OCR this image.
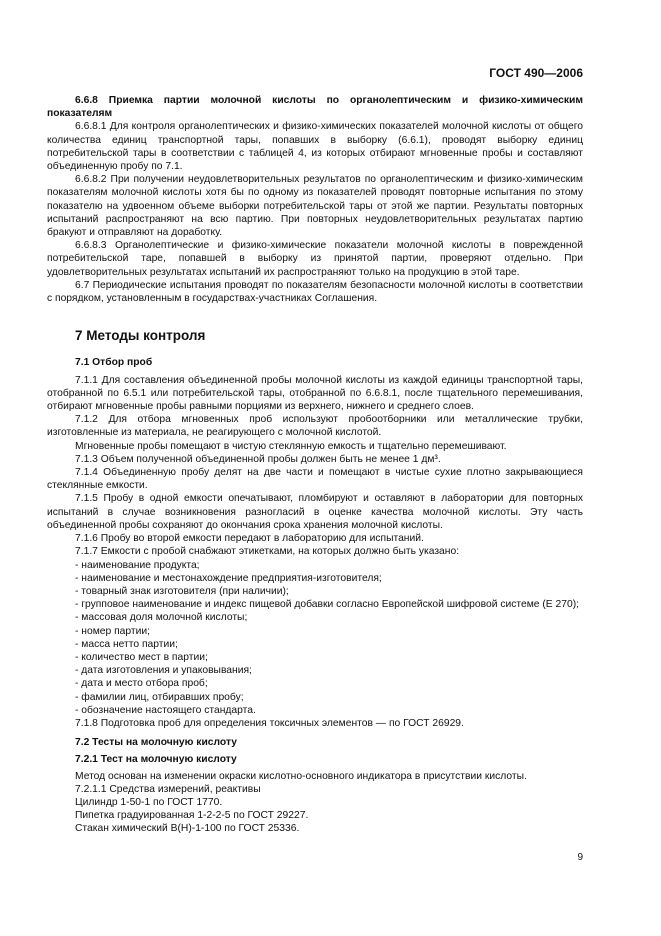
ГОСТ 490—2006

6.6.8 Приемка партии молочной кислоты по органолептическим и физико-химическим показателям

6.6.8.1 Для контроля органолептических и физико-химических показателей молочной кислоты от общего количества единиц транспортной тары, попавших в выборку (6.6.1), проводят выборку единиц потребительской тары в соответствии с таблицей 4, из которых отбирают мгновенные пробы и составляют объединенную пробу по 7.1.

6.6.8.2 При получении неудовлетворительных результатов по органолептическим и физико-химическим показателям молочной кислоты хотя бы по одному из показателей проводят повторные испытания по этому показателю на удвоенном объеме выборки потребительской тары от этой же партии. Результаты повторных испытаний распространяют на всю партию. При повторных неудовлетворительных результатах партию бракуют и отправляют на доработку.

6.6.8.3 Органолептические и физико-химические показатели молочной кислоты в поврежденной потребительской таре, попавшей в выборку из принятой партии, проверяют отдельно. При удовлетворительных результатах испытаний их распространяют только на продукцию в этой таре.

6.7 Периодические испытания проводят по показателям безопасности молочной кислоты в соответствии с порядком, установленным в государствах-участниках Соглашения.

7 Методы контроля

7.1 Отбор проб

7.1.1 Для составления объединенной пробы молочной кислоты из каждой единицы транспортной тары, отобранной по 6.5.1 или потребительской тары, отобранной по 6.6.8.1, после тщательного перемешивания, отбирают мгновенные пробы равными порциями из верхнего, нижнего и среднего слоев.

7.1.2 Для отбора мгновенных проб используют пробоотборники или металлические трубки, изготовленные из материала, не реагирующего с молочной кислотой.

Мгновенные пробы помещают в чистую стеклянную емкость и тщательно перемешивают.

7.1.3 Объем полученной объединенной пробы должен быть не менее 1 дм³.

7.1.4 Объединенную пробу делят на две части и помещают в чистые сухие плотно закрывающиеся стеклянные емкости.

7.1.5 Пробу в одной емкости опечатывают, пломбируют и оставляют в лаборатории для повторных испытаний в случае возникновения разногласий в оценке качества молочной кислоты. Эту часть объединенной пробы сохраняют до окончания срока хранения молочной кислоты.

7.1.6 Пробу во второй емкости передают в лабораторию для испытаний.

7.1.7 Емкости с пробой снабжают этикетками, на которых должно быть указано:

- наименование продукта;

- наименование и местонахождение предприятия-изготовителя;

- товарный знак изготовителя (при наличии);

- групповое наименование и индекс пищевой добавки согласно Европейской шифровой системе (Е 270);

- массовая доля молочной кислоты;

- номер партии;

- масса нетто партии;

- количество мест в партии;

- дата изготовления и упаковывания;

- дата и место отбора проб;

- фамилии лиц, отбиравших пробу;

- обозначение настоящего стандарта.

7.1.8 Подготовка проб для определения токсичных элементов — по ГОСТ 26929.

7.2 Тесты на молочную кислоту

7.2.1 Тест на молочную кислоту

Метод основан на изменении окраски кислотно-основного индикатора в присутствии кислоты.

7.2.1.1 Средства измерений, реактивы

Цилиндр 1-50-1 по ГОСТ 1770.

Пипетка градуированная 1-2-2-5 по ГОСТ 29227.

Стакан химический В(Н)-1-100 по ГОСТ 25336.

9
